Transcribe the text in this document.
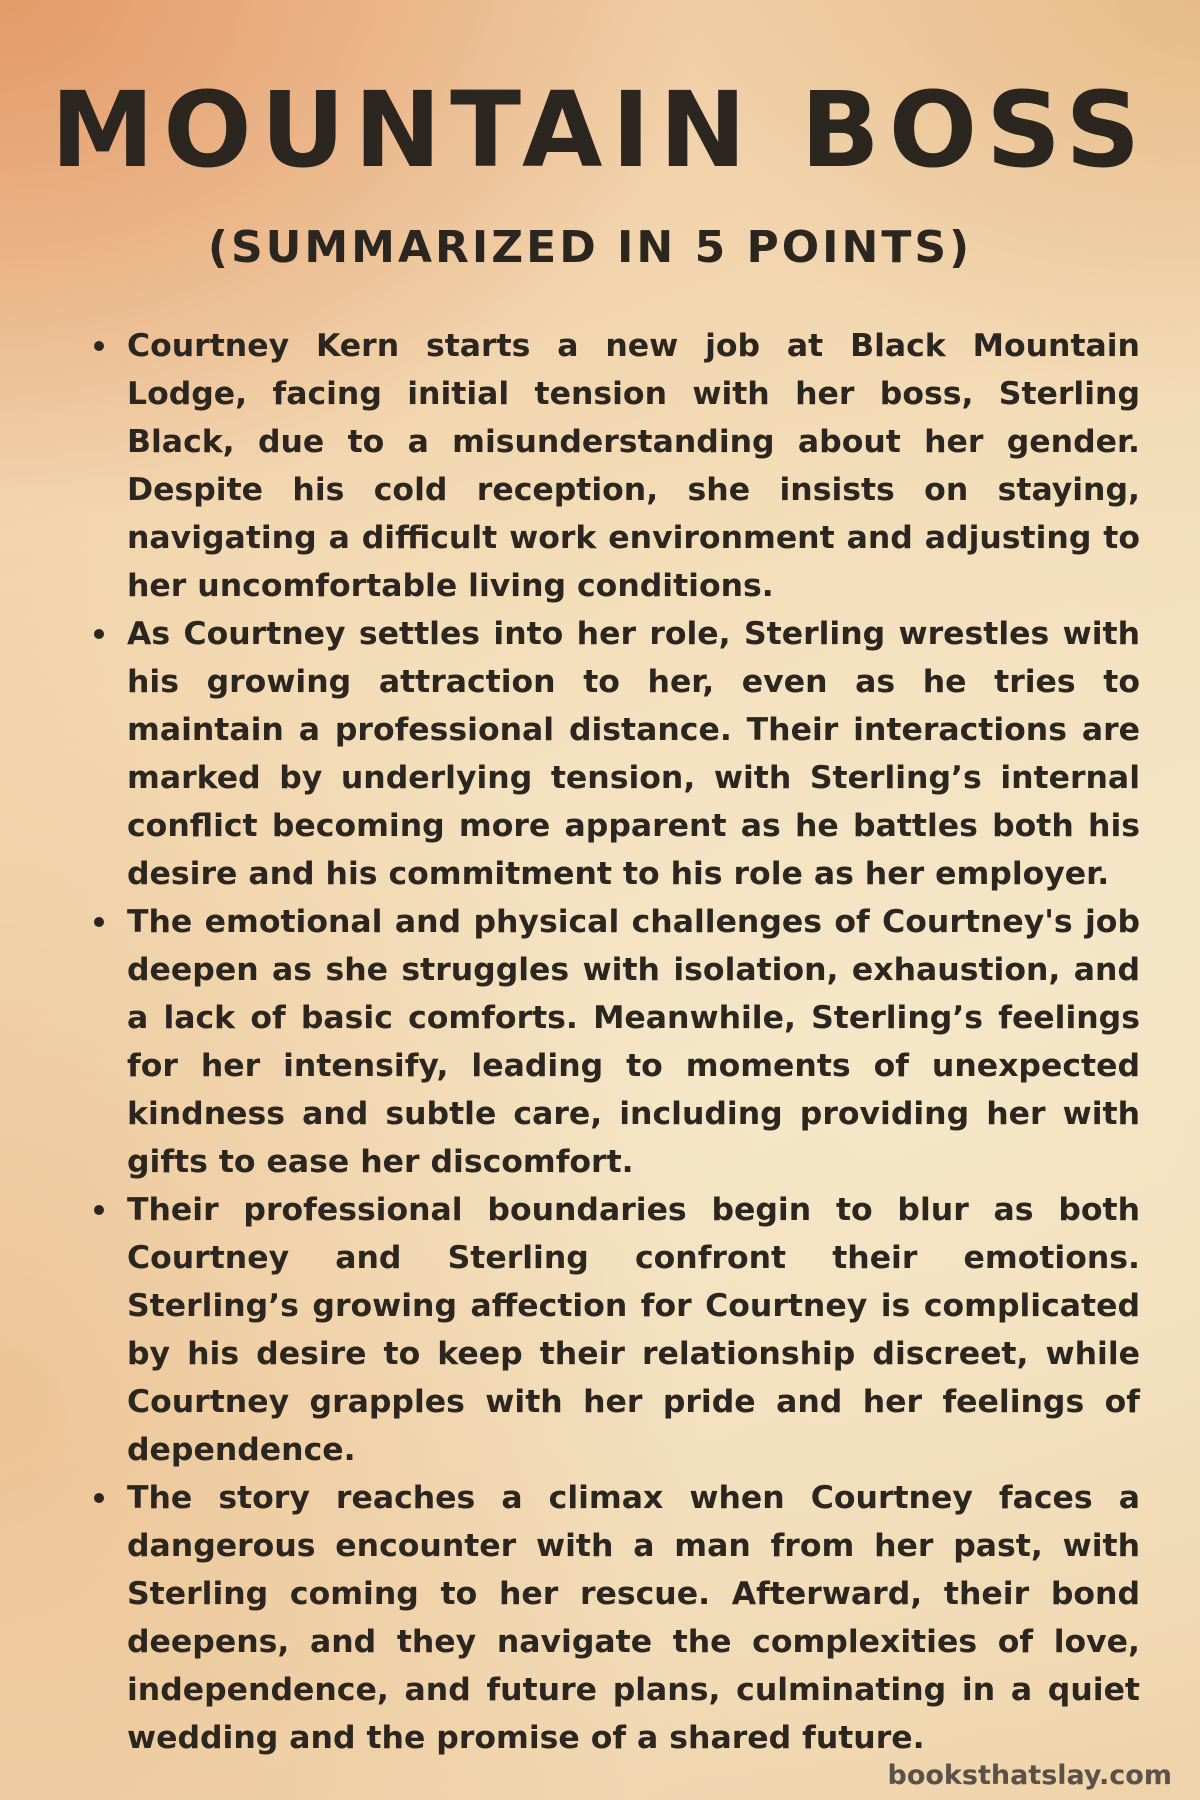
MOUNTAIN BOSS
(SUMMARIZED IN 5 POINTS)
Courtney Kern starts a new job at Black Mountain Lodge, facing initial tension with her boss, Sterling Black, due to a misunderstanding about her gender. Despite his cold reception, she insists on staying, navigating a difficult work environment and adjusting to her uncomfortable living conditions.
As Courtney settles into her role, Sterling wrestles with his growing attraction to her, even as he tries to maintain a professional distance. Their interactions are marked by underlying tension, with Sterling’s internal conflict becoming more apparent as he battles both his desire and his commitment to his role as her employer.
The emotional and physical challenges of Courtney's job deepen as she struggles with isolation, exhaustion, and a lack of basic comforts. Meanwhile, Sterling’s feelings for her intensify, leading to moments of unexpected kindness and subtle care, including providing her with gifts to ease her discomfort.
Their professional boundaries begin to blur as both Courtney and Sterling confront their emotions. Sterling’s growing affection for Courtney is complicated by his desire to keep their relationship discreet, while Courtney grapples with her pride and her feelings of dependence.
The story reaches a climax when Courtney faces a dangerous encounter with a man from her past, with Sterling coming to her rescue. Afterward, their bond deepens, and they navigate the complexities of love, independence, and future plans, culminating in a quiet wedding and the promise of a shared future.
booksthatslay.com
